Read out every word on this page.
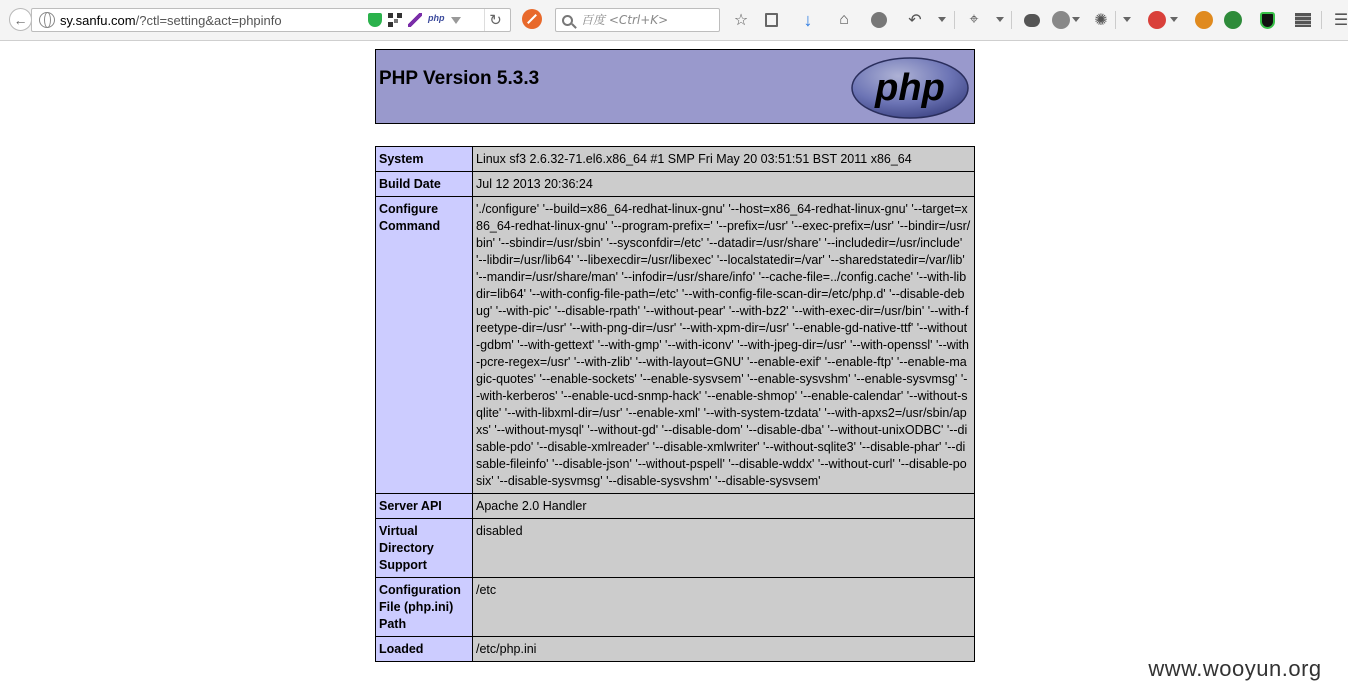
←	sy.sanfu.com/?ctl=setting&act=phpinfo	php	↻
百度 <Ctrl+K>	☆	↓	⌂	↶	⌖	✺	☰
PHP Version 5.3.3	php
System	Linux sf3 2.6.32-71.el6.x86_64 #1 SMP Fri May 20 03:51:51 BST 2011 x86_64
Build Date	Jul 12 2013 20:36:24
Configure Command	'./configure' '--build=x86_64-redhat-linux-gnu' '--host=x86_64-redhat-linux-gnu' '--target=x86_64-redhat-linux-gnu' '--program-prefix=' '--prefix=/usr' '--exec-prefix=/usr' '--bindir=/usr/bin' '--sbindir=/usr/sbin' '--sysconfdir=/etc' '--datadir=/usr/share' '--includedir=/usr/include' '--libdir=/usr/lib64' '--libexecdir=/usr/libexec' '--localstatedir=/var' '--sharedstatedir=/var/lib' '--mandir=/usr/share/man' '--infodir=/usr/share/info' '--cache-file=../config.cache' '--with-libdir=lib64' '--with-config-file-path=/etc' '--with-config-file-scan-dir=/etc/php.d' '--disable-debug' '--with-pic' '--disable-rpath' '--without-pear' '--with-bz2' '--with-exec-dir=/usr/bin' '--with-freetype-dir=/usr' '--with-png-dir=/usr' '--with-xpm-dir=/usr' '--enable-gd-native-ttf' '--without-gdbm' '--with-gettext' '--with-gmp' '--with-iconv' '--with-jpeg-dir=/usr' '--with-openssl' '--with-pcre-regex=/usr' '--with-zlib' '--with-layout=GNU' '--enable-exif' '--enable-ftp' '--enable-magic-quotes' '--enable-sockets' '--enable-sysvsem' '--enable-sysvshm' '--enable-sysvmsg' '--with-kerberos' '--enable-ucd-snmp-hack' '--enable-shmop' '--enable-calendar' '--without-sqlite' '--with-libxml-dir=/usr' '--enable-xml' '--with-system-tzdata' '--with-apxs2=/usr/sbin/apxs' '--without-mysql' '--without-gd' '--disable-dom' '--disable-dba' '--without-unixODBC' '--disable-pdo' '--disable-xmlreader' '--disable-xmlwriter' '--without-sqlite3' '--disable-phar' '--disable-fileinfo' '--disable-json' '--without-pspell' '--disable-wddx' '--without-curl' '--disable-posix' '--disable-sysvmsg' '--disable-sysvshm' '--disable-sysvsem'
Server API	Apache 2.0 Handler
Virtual Directory Support	disabled
Configuration File (php.ini) Path	/etc
Loaded	/etc/php.ini
www.wooyun.org
